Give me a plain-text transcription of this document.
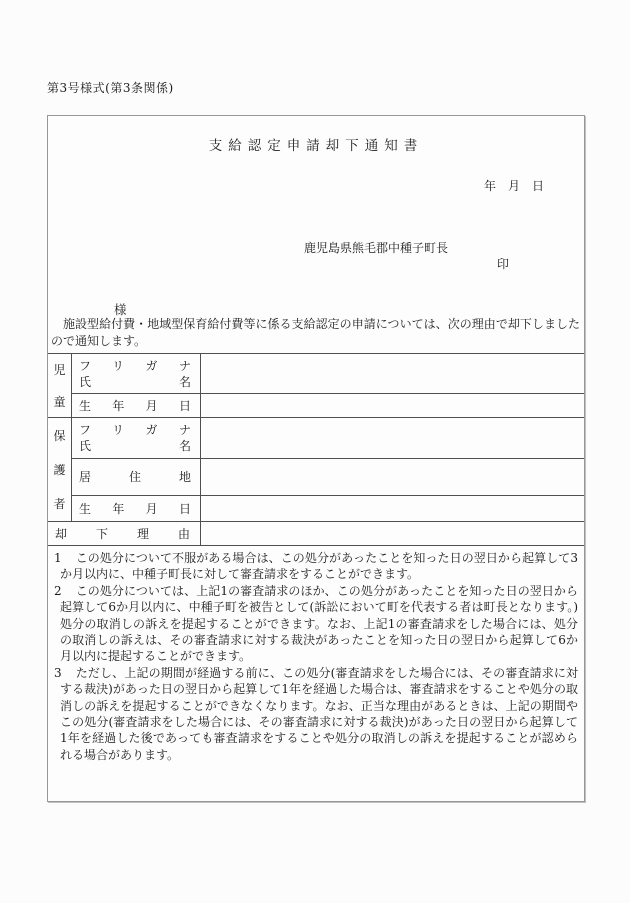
第3号様式(第3条関係)
支給認定申請却下通知書
年　月　日
鹿児島県熊毛郡中種子町長
印
様
施設型給付費・地域型保育給付費等に係る支給認定の申請については、次の理由で却下しましたので通知します。
児
童
フリガナ
氏名
生年月日
保
護
者
フリガナ
氏名
居住地
生年月日
却下理由
1 この処分について不服がある場合は、この処分があったことを知った日の翌日から起算して3か月以内に、中種子町長に対して審査請求をすることができます。
2 この処分については、上記1の審査請求のほか、この処分があったことを知った日の翌日から起算して6か月以内に、中種子町を被告として(訴訟において町を代表する者は町長となります。)処分の取消しの訴えを提起することができます。なお、上記1の審査請求をした場合には、処分の取消しの訴えは、その審査請求に対する裁決があったことを知った日の翌日から起算して6か月以内に提起することができます。
3 ただし、上記の期間が経過する前に、この処分(審査請求をした場合には、その審査請求に対する裁決)があった日の翌日から起算して1年を経過した場合は、審査請求をすることや処分の取消しの訴えを提起することができなくなります。なお、正当な理由があるときは、上記の期間やこの処分(審査請求をした場合には、その審査請求に対する裁決)があった日の翌日から起算して1年を経過した後であっても審査請求をすることや処分の取消しの訴えを提起することが認められる場合があります。
